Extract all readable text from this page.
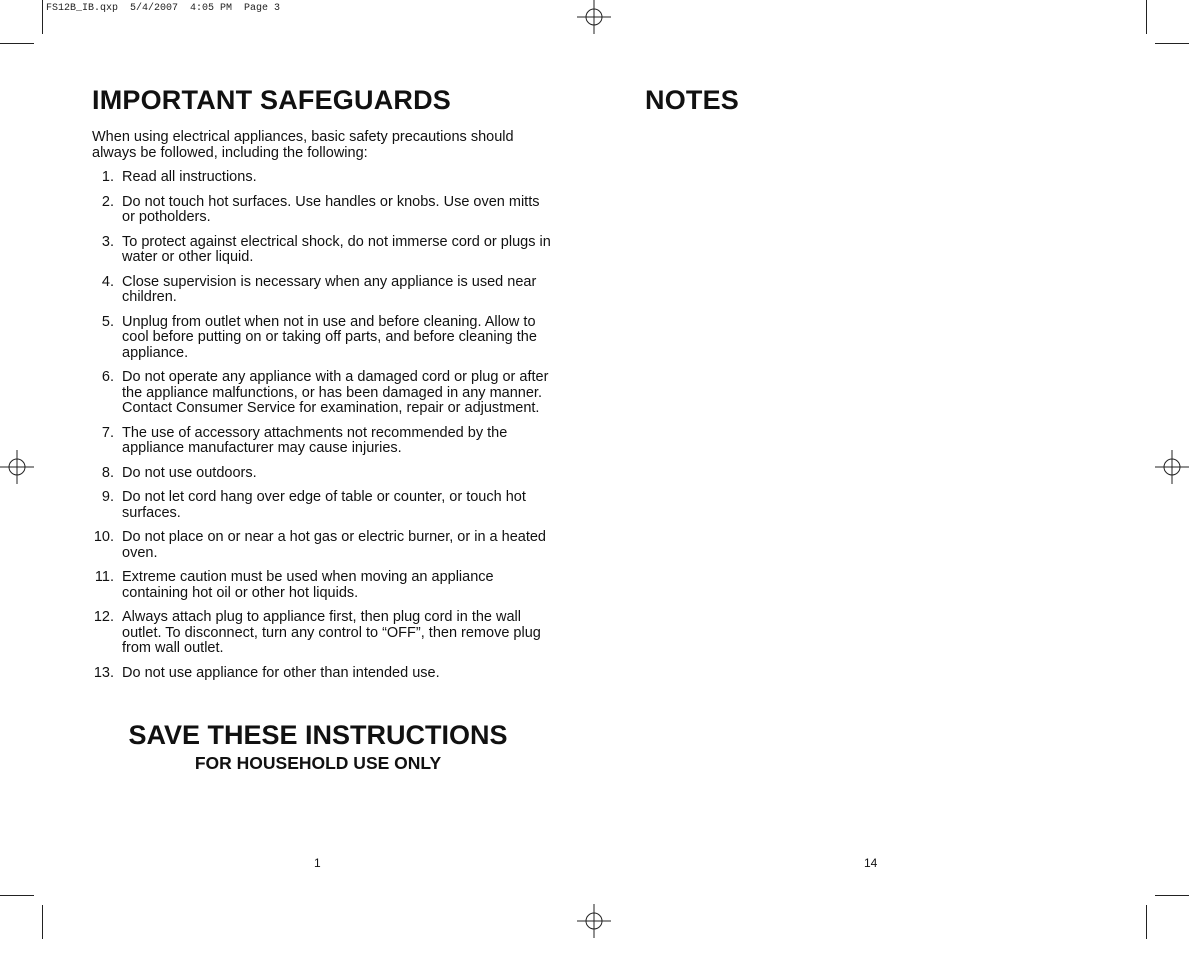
FS12B_IB.qxp  5/4/2007  4:05 PM  Page 3
IMPORTANT SAFEGUARDS

When using electrical appliances, basic safety precautions should always be followed, including the following:

1. Read all instructions.
2. Do not touch hot surfaces. Use handles or knobs. Use oven mitts or potholders.
3. To protect against electrical shock, do not immerse cord or plugs in water or other liquid.
4. Close supervision is necessary when any appliance is used near children.
5. Unplug from outlet when not in use and before cleaning. Allow to cool before putting on or taking off parts, and before cleaning the appliance.
6. Do not operate any appliance with a damaged cord or plug or after the appliance malfunctions, or has been damaged in any manner. Contact Consumer Service for examination, repair or adjustment.
7. The use of accessory attachments not recommended by the appliance manufacturer may cause injuries.
8. Do not use outdoors.
9. Do not let cord hang over edge of table or counter, or touch hot surfaces.
10. Do not place on or near a hot gas or electric burner, or in a heated oven.
11. Extreme caution must be used when moving an appliance containing hot oil or other hot liquids.
12. Always attach plug to appliance first, then plug cord in the wall outlet. To disconnect, turn any control to “OFF”, then remove plug from wall outlet.
13. Do not use appliance for other than intended use.
SAVE THESE INSTRUCTIONS
FOR HOUSEHOLD USE ONLY
1
NOTES
14
